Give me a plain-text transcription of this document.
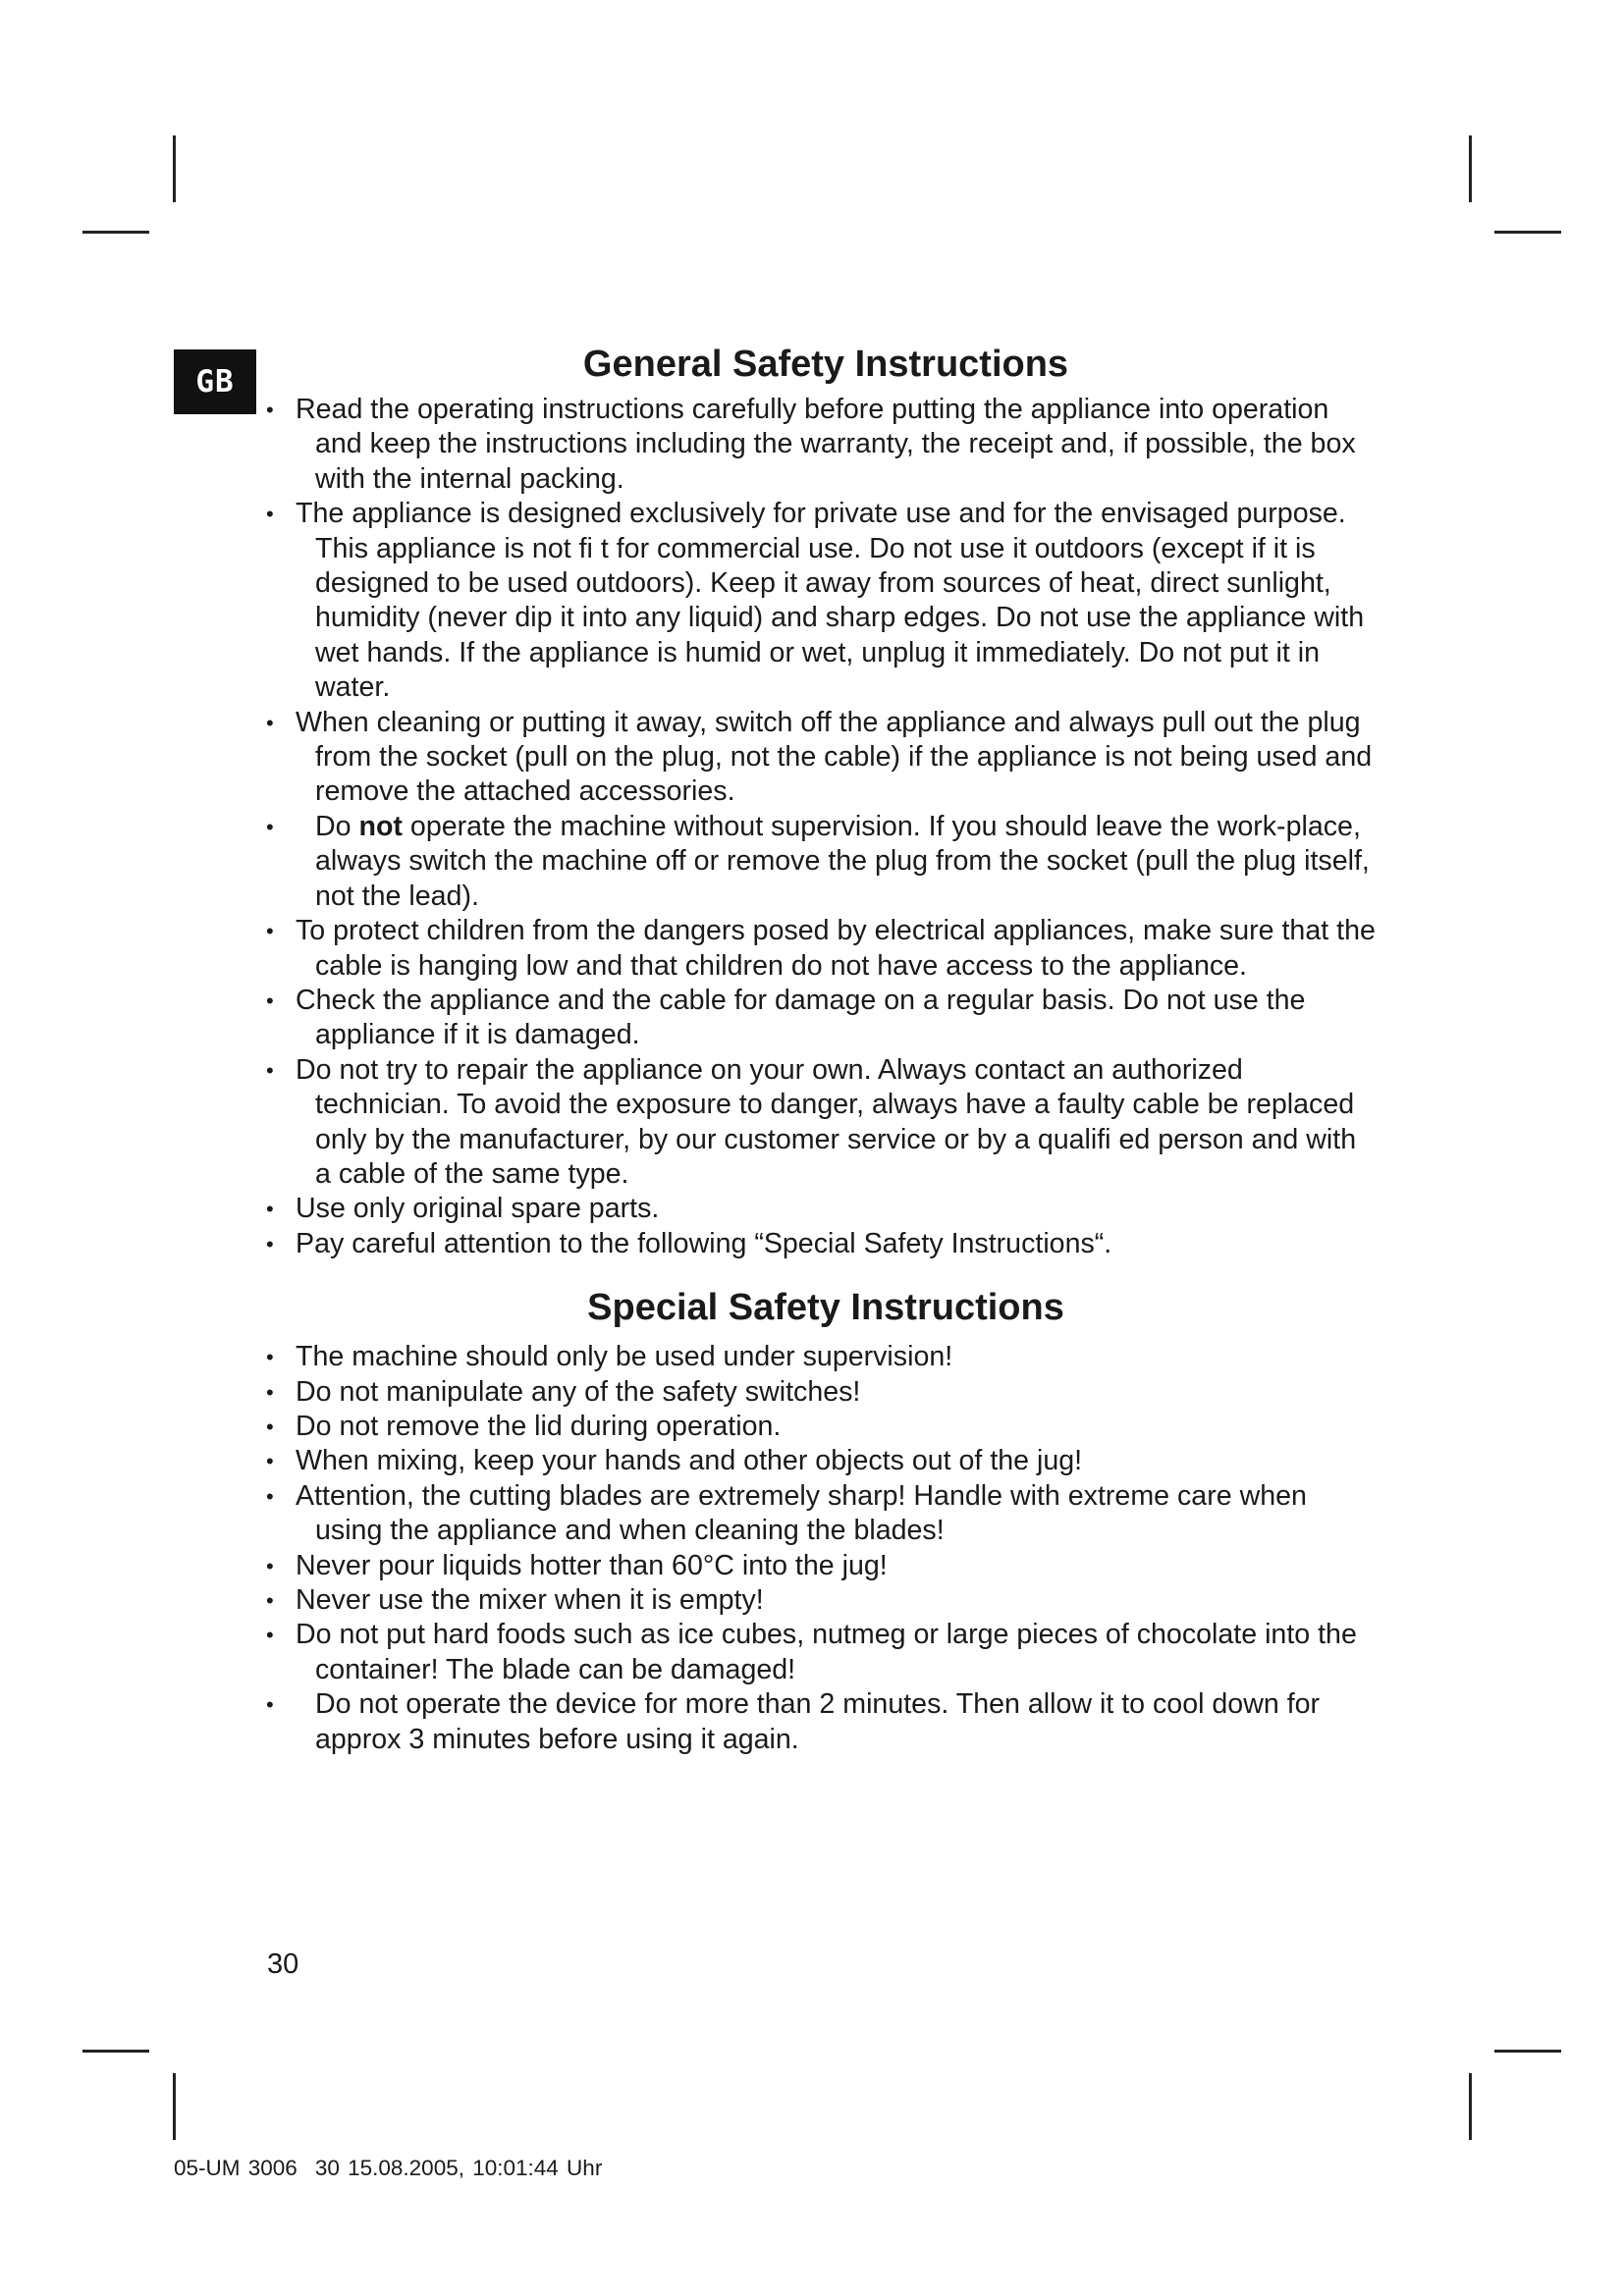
GB	General Safety Instructions
• Read the operating instructions carefully before putting the appliance into operation and keep the instructions including the warranty, the receipt and, if possible, the box with the internal packing.
• The appliance is designed exclusively for private use and for the envisaged purpose. This appliance is not fi t for commercial use. Do not use it outdoors (except if it is designed to be used outdoors). Keep it away from sources of heat, direct sunlight, humidity (never dip it into any liquid) and sharp edges. Do not use the appliance with wet hands. If the appliance is humid or wet, unplug it immediately. Do not put it in water.
• When cleaning or putting it away, switch off the appliance and always pull out the plug from the socket (pull on the plug, not the cable) if the appliance is not being used and remove the attached accessories.
• Do not operate the machine without supervision. If you should leave the work-place, always switch the machine off or remove the plug from the socket (pull the plug itself, not the lead).
• To protect children from the dangers posed by electrical appliances, make sure that the cable is hanging low and that children do not have access to the appliance.
• Check the appliance and the cable for damage on a regular basis. Do not use the appliance if it is damaged.
• Do not try to repair the appliance on your own. Always contact an authorized technician. To avoid the exposure to danger, always have a faulty cable be replaced only by the manufacturer, by our customer service or by a qualifi ed person and with a cable of the same type.
• Use only original spare parts.
• Pay careful attention to the following “Special Safety Instructions“.
Special Safety Instructions
• The machine should only be used under supervision!
• Do not manipulate any of the safety switches!
• Do not remove the lid during operation.
• When mixing, keep your hands and other objects out of the jug!
• Attention, the cutting blades are extremely sharp! Handle with extreme care when using the appliance and when cleaning the blades!
• Never pour liquids hotter than 60°C into the jug!
• Never use the mixer when it is empty!
• Do not put hard foods such as ice cubes, nutmeg or large pieces of chocolate into the container! The blade can be damaged!
• Do not operate the device for more than 2 minutes. Then allow it to cool down for approx 3 minutes before using it again.
30
05-UM 3006 30 15.08.2005, 10:01:44 Uhr
